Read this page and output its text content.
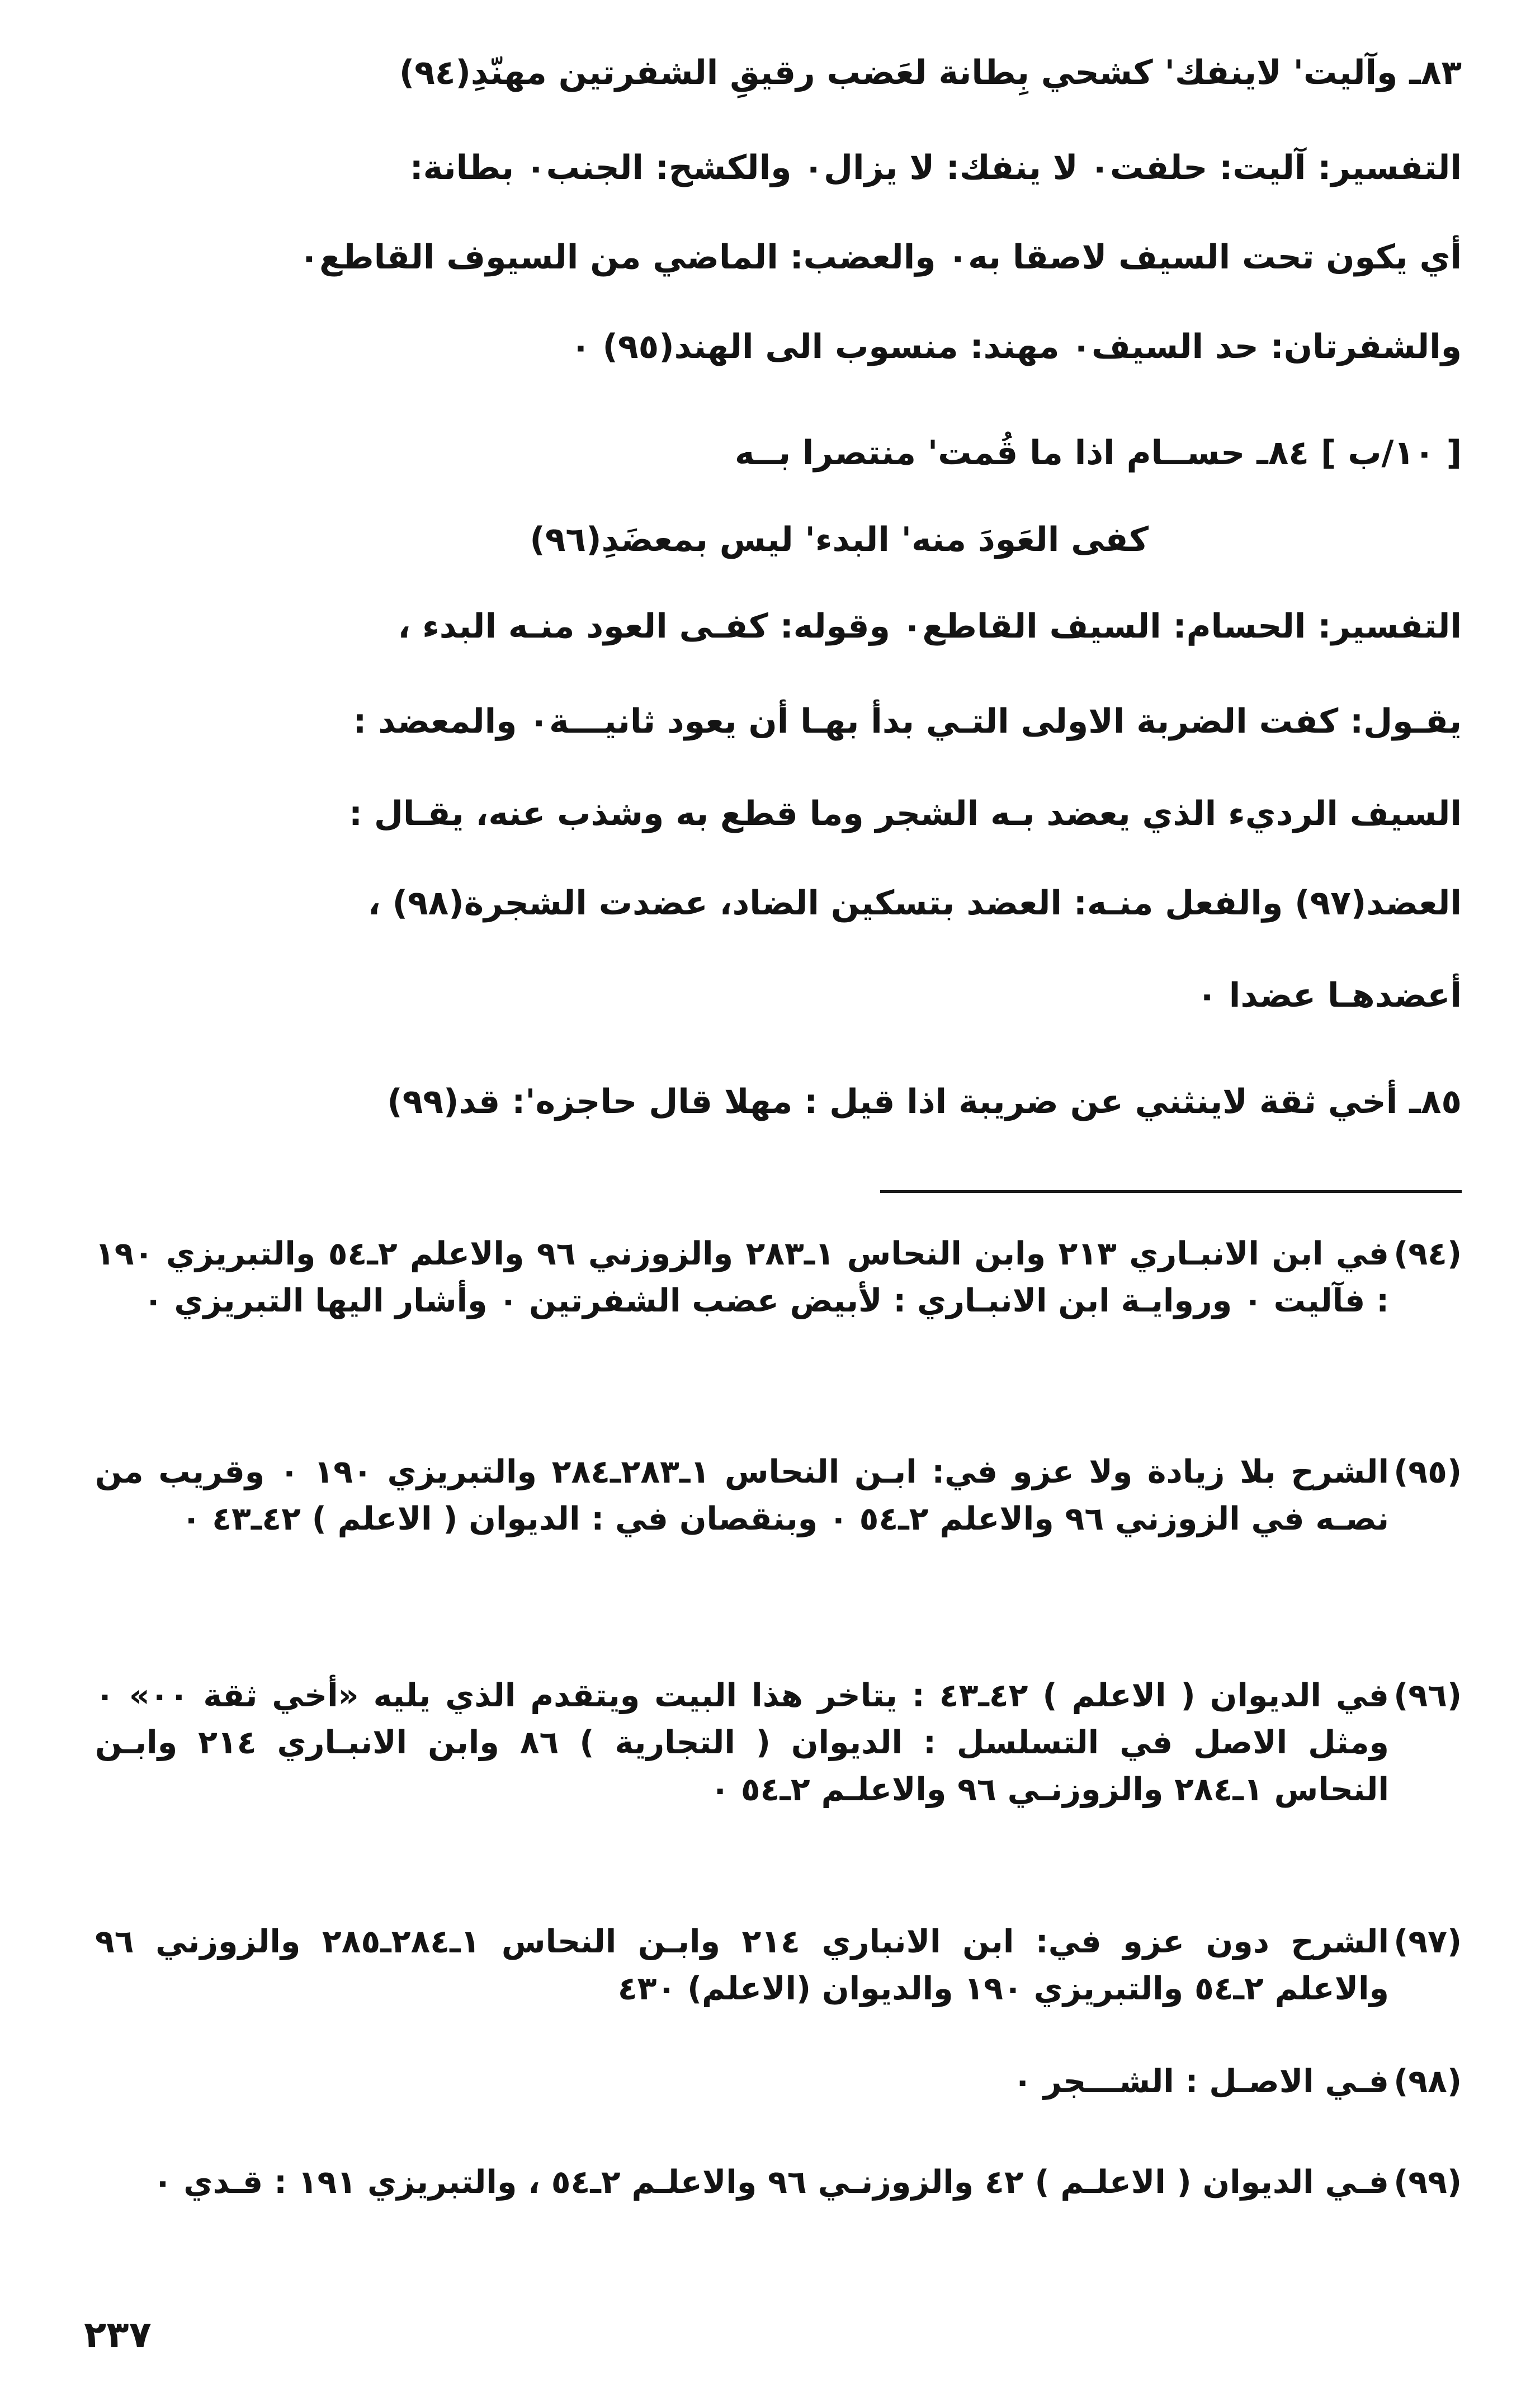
٨٣ـ وآليت' لاينفك' كشحي بِطانة لعَضب رقيقِ الشفرتين مهنّدِ(٩٤)
التفسير: آليت: حلفت٠ لا ينفك: لا يزال٠ والكشح: الجنب٠ بطانة:
أي يكون تحت السيف لاصقا به٠ والعضب: الماضي من السيوف القاطع٠
والشفرتان: حد السيف٠ مهند: منسوب الى الهند(٩٥) ٠
[ ١٠/ب ] ٨٤ـ حســام اذا ما قُمت' منتصرا بــه
كفى العَودَ منه' البدء' ليس بمعضَدِ(٩٦)
التفسير: الحسام: السيف القاطع٠ وقوله: كفـى العود منـه البدء ،
يقـول: كفت الضربة الاولى التـي بدأ بهـا أن يعود ثانيـــة٠ والمعضد :
السيف الرديء الذي يعضد بـه الشجر وما قطع به وشذب عنه، يقـال :
العضد(٩٧) والفعل منـه: العضد بتسكين الضاد، عضدت الشجرة(٩٨) ،
أعضدهـا عضدا ٠
٨٥ـ أخي ثقة لاينثني عن ضريبة اذا قيل : مهلا قال حاجزه': قد(٩٩)
(٩٤)
في ابن الانبـاري ٢١٣ وابن النحاس ١ـ٢٨٣ والزوزني ٩٦ والاعلم ٢ـ٥٤ والتبريزي ١٩٠ : فآليت ٠ وروايـة ابن الانبـاري : لأبيض عضب الشفرتين ٠ وأشار اليها التبريزي ٠
(٩٥)
الشرح بلا زيادة ولا عزو في: ابـن النحاس ١ـ٢٨٣ـ٢٨٤ والتبريزي ١٩٠ ٠ وقريب من نصـه في الزوزني ٩٦ والاعلم ٢ـ٥٤ ٠ وبنقصان في : الديوان ( الاعلم ) ٤٢ـ٤٣ ٠
(٩٦)
في الديوان ( الاعلم ) ٤٢ـ٤٣ : يتاخر هذا البيت ويتقدم الذي يليه «أخي ثقة ٠٠» ٠ ومثل الاصل في التسلسل : الديوان ( التجارية ) ٨٦ وابن الانبـاري ٢١٤ وابـن النحاس ١ـ٢٨٤ والزوزنـي ٩٦ والاعلـم ٢ـ٥٤ ٠
(٩٧)
الشرح دون عزو في: ابن الانباري ٢١٤ وابـن النحاس ١ـ٢٨٤ـ٢٨٥ والزوزني ٩٦ والاعلم ٢ـ٥٤ والتبريزي ١٩٠ والديوان (الاعلم) ٤٣٠
(٩٨)
فـي الاصـل : الشـــجر ٠
(٩٩)
فـي الديوان ( الاعلـم ) ٤٢ والزوزنـي ٩٦ والاعلـم ٢ـ٥٤ ، والتبريزي ١٩١ : قـدي ٠
٢٣٧
